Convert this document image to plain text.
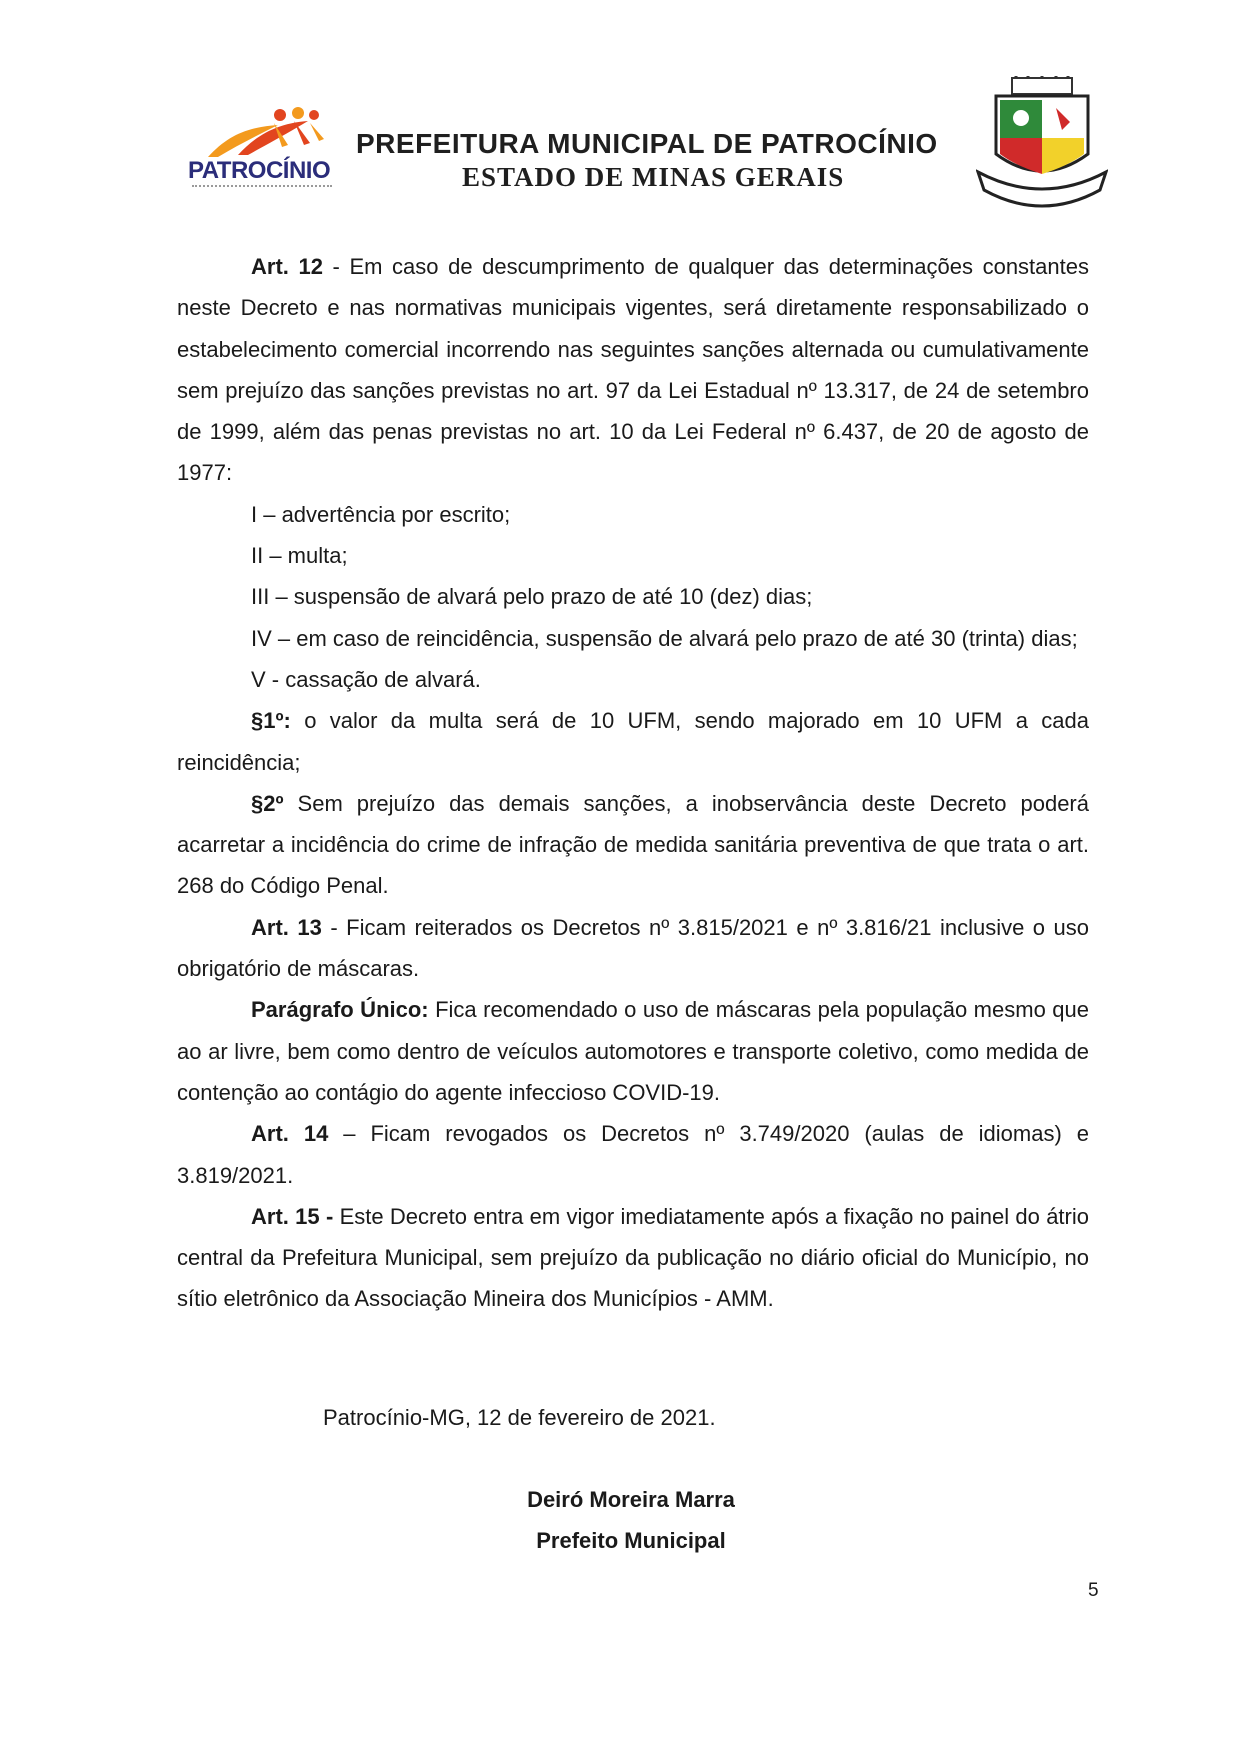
PATROCÍNIO
PREFEITURA MUNICIPAL DE PATROCÍNIO
ESTADO DE MINAS GERAIS

Art. 12 - Em caso de descumprimento de qualquer das determinações constantes neste Decreto e nas normativas municipais vigentes, será diretamente responsabilizado o estabelecimento comercial incorrendo nas seguintes sanções alternada ou cumulativamente sem prejuízo das sanções previstas no art. 97 da Lei Estadual nº 13.317, de 24 de setembro de 1999, além das penas previstas no art. 10 da Lei Federal nº 6.437, de 20 de agosto de 1977:

I – advertência por escrito;

II – multa;

III – suspensão de alvará pelo prazo de até 10 (dez) dias;

IV – em caso de reincidência, suspensão de alvará pelo prazo de até 30 (trinta) dias;

V - cassação de alvará.

§1º: o valor da multa será de 10 UFM, sendo majorado em 10 UFM a cada reincidência;

§2º Sem prejuízo das demais sanções, a inobservância deste Decreto poderá acarretar a incidência do crime de infração de medida sanitária preventiva de que trata o art. 268 do Código Penal.

Art. 13 - Ficam reiterados os Decretos nº 3.815/2021 e nº 3.816/21 inclusive o uso obrigatório de máscaras.

Parágrafo Único: Fica recomendado o uso de máscaras pela população mesmo que ao ar livre, bem como dentro de veículos automotores e transporte coletivo, como medida de contenção ao contágio do agente infeccioso COVID-19.

Art. 14 – Ficam revogados os Decretos nº 3.749/2020 (aulas de idiomas) e 3.819/2021.

Art. 15 - Este Decreto entra em vigor imediatamente após a fixação no painel do átrio central da Prefeitura Municipal, sem prejuízo da publicação no diário oficial do Município, no sítio eletrônico da Associação Mineira dos Municípios - AMM.

Patrocínio-MG, 12 de fevereiro de 2021.
Deiró Moreira Marra
Prefeito Municipal
5
